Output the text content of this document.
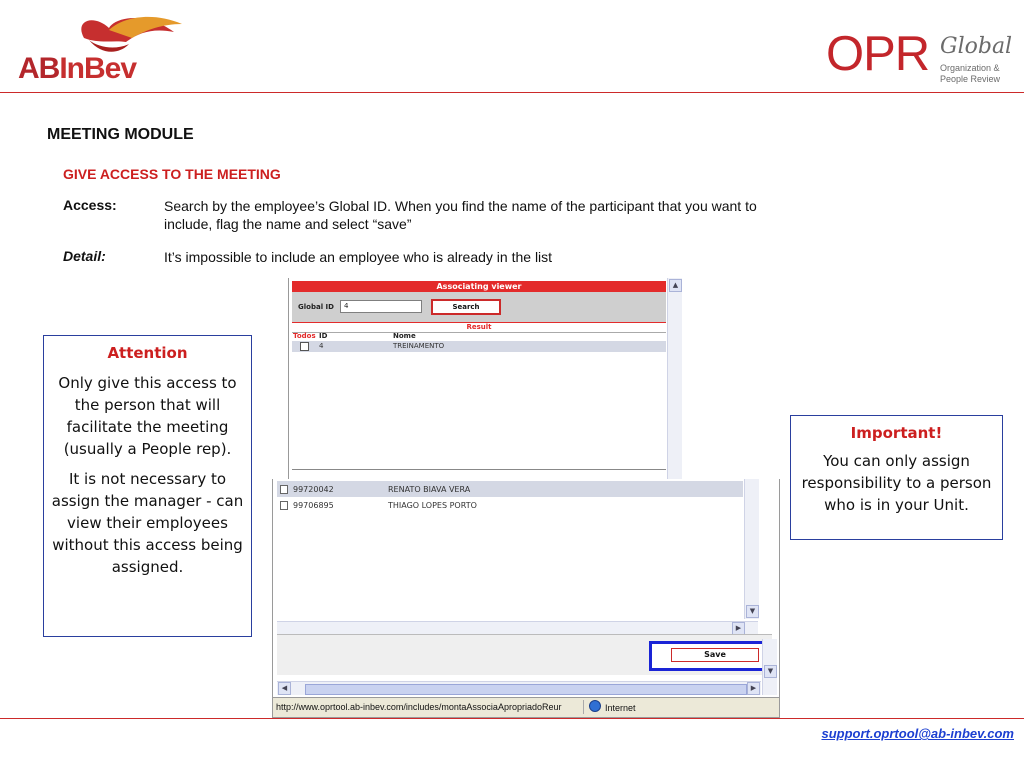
ABInBev	OPR Global
Organization &
People Review
MEETING MODULE
GIVE ACCESS TO THE MEETING
Access:	Search by the employee’s Global ID. When you find the name of the participant that you want to
include, flag the name and select “save”
Detail:	It’s impossible to include an employee who is already in the list
Attention

Only give this access to the person that will facilitate the meeting (usually a People rep).

It is not necessary to assign the manager - can view their employees without this access being assigned.

Important!

You can only assign responsibility to a person who is in your Unit.

Associating viewer
Global ID	4	Search
Result
Todos ID	Nome
4	TREINAMENTO
▲
99720042	RENATO BIAVA VERA
99706895	THIAGO LOPES PORTO
▼
▶
Save
▼
◀	▶
http://www.oprtool.ab-inbev.com/includes/montaAssociaApropriadoReur	Internet
support.oprtool@ab-inbev.com
